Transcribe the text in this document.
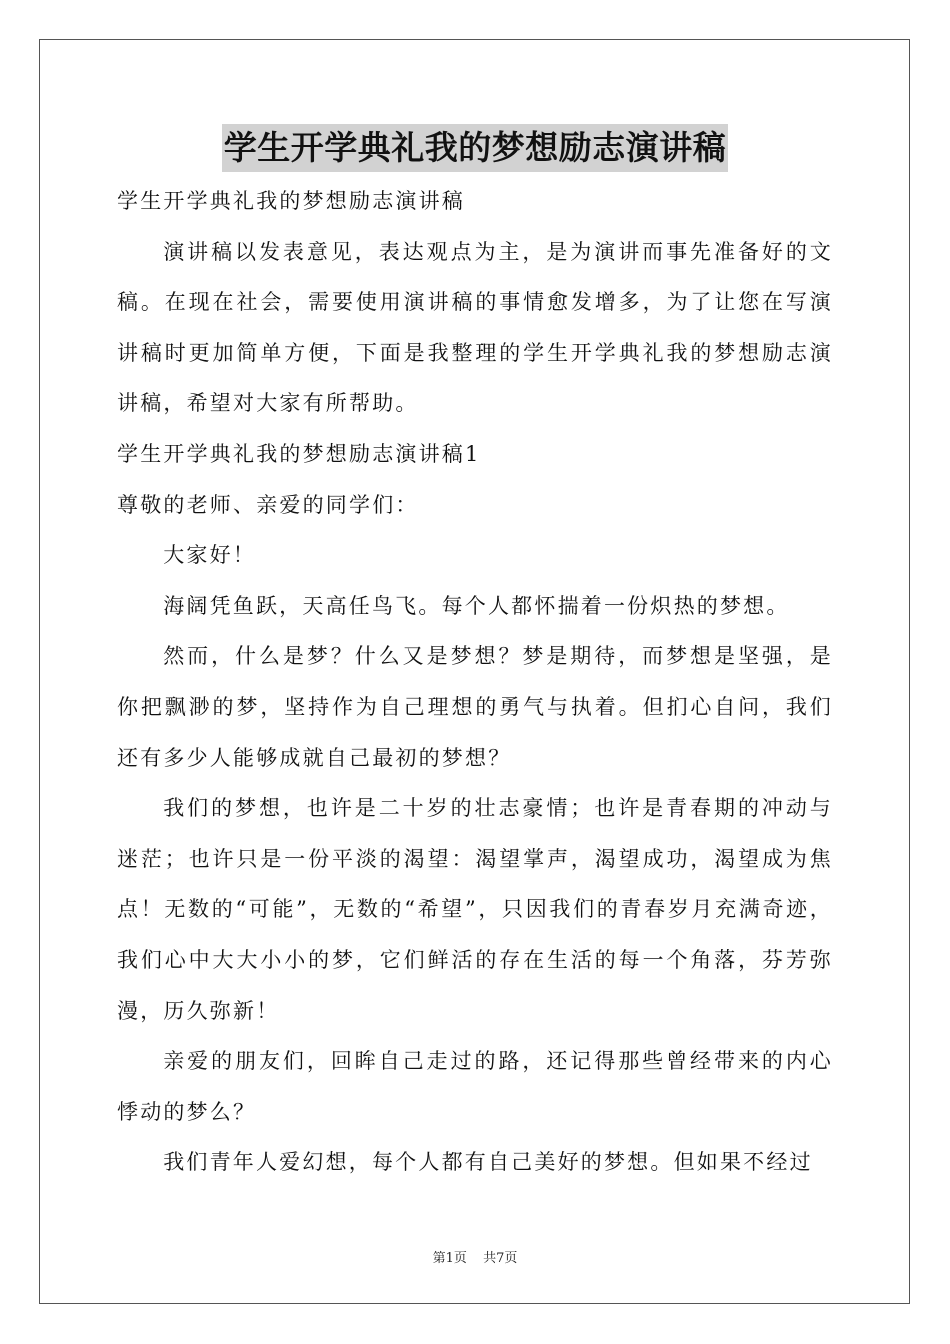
学生开学典礼我的梦想励志演讲稿

学生开学典礼我的梦想励志演讲稿

演讲稿以发表意见，表达观点为主，是为演讲而事先准备好的文稿。在现在社会，需要使用演讲稿的事情愈发增多，为了让您在写演讲稿时更加简单方便，下面是我整理的学生开学典礼我的梦想励志演讲稿，希望对大家有所帮助。

学生开学典礼我的梦想励志演讲稿1

尊敬的老师、亲爱的同学们：

大家好！

海阔凭鱼跃，天高任鸟飞。每个人都怀揣着一份炽热的梦想。

然而，什么是梦？什么又是梦想？梦是期待，而梦想是坚强，是你把飘渺的梦，坚持作为自己理想的勇气与执着。但扪心自问，我们还有多少人能够成就自己最初的梦想？

我们的梦想，也许是二十岁的壮志豪情；也许是青春期的冲动与迷茫；也许只是一份平淡的渴望：渴望掌声，渴望成功，渴望成为焦点！无数的“可能”，无数的“希望”，只因我们的青春岁月充满奇迹，我们心中大大小小的梦，它们鲜活的存在生活的每一个角落，芬芳弥漫，历久弥新！

亲爱的朋友们，回眸自己走过的路，还记得那些曾经带来的内心悸动的梦么？

我们青年人爱幻想，每个人都有自己美好的梦想。但如果不经过

第1页 共7页
